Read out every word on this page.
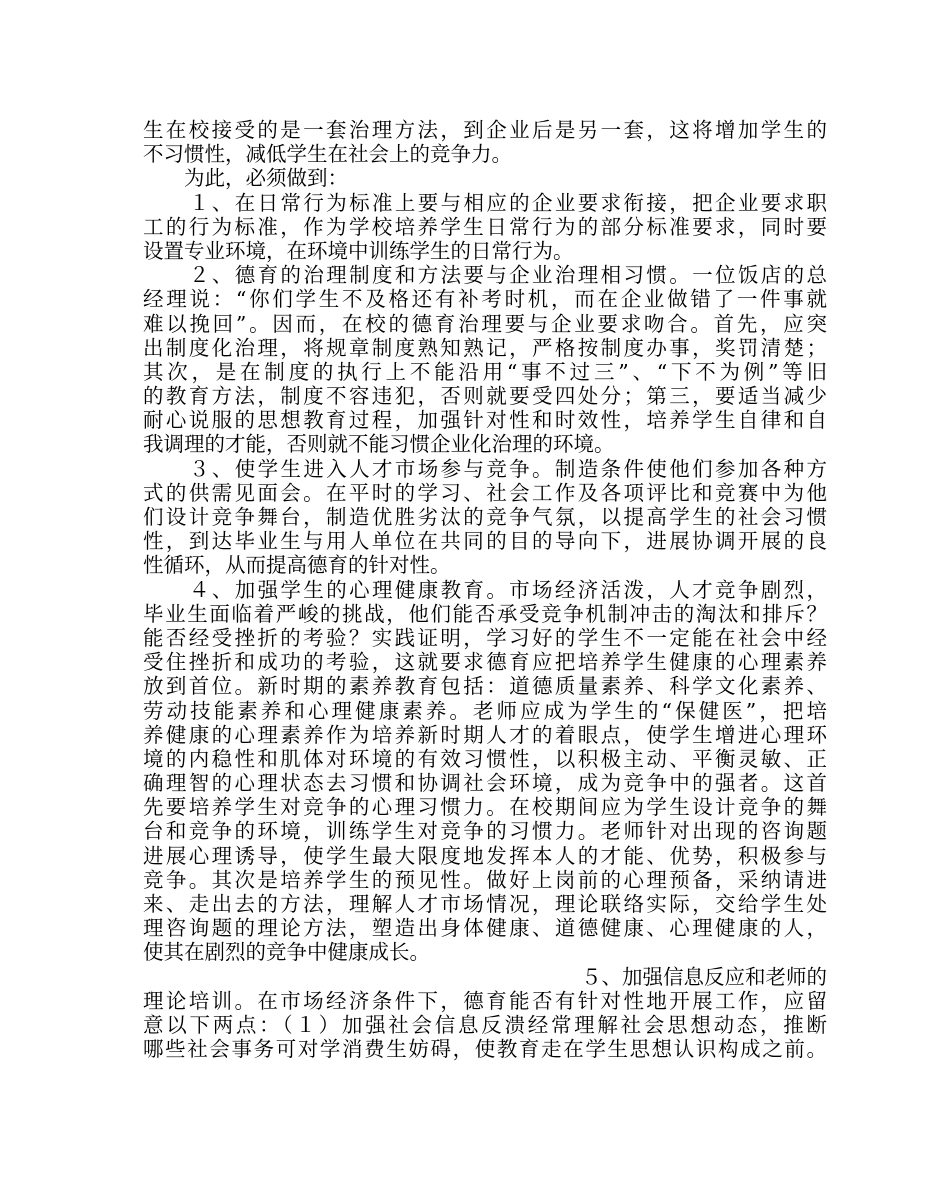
生在校接受的是一套治理方法，到企业后是另一套，这将增加学生的
不习惯性，减低学生在社会上的竞争力。
为此，必须做到：
１、在日常行为标准上要与相应的企业要求衔接，把企业要求职
工的行为标准，作为学校培养学生日常行为的部分标准要求，同时要
设置专业环境，在环境中训练学生的日常行为。
２、德育的治理制度和方法要与企业治理相习惯。一位饭店的总
经理说：“你们学生不及格还有补考时机，而在企业做错了一件事就
难以挽回”。因而，在校的德育治理要与企业要求吻合。首先，应突
出制度化治理，将规章制度熟知熟记，严格按制度办事，奖罚清楚；
其次，是在制度的执行上不能沿用“事不过三”、“下不为例”等旧
的教育方法，制度不容违犯，否则就要受四处分；第三，要适当减少
耐心说服的思想教育过程，加强针对性和时效性，培养学生自律和自
我调理的才能，否则就不能习惯企业化治理的环境。
３、使学生进入人才市场参与竞争。制造条件使他们参加各种方
式的供需见面会。在平时的学习、社会工作及各项评比和竞赛中为他
们设计竞争舞台，制造优胜劣汰的竞争气氛，以提高学生的社会习惯
性，到达毕业生与用人单位在共同的目的导向下，进展协调开展的良
性循环，从而提高德育的针对性。
４、加强学生的心理健康教育。市场经济活泼，人才竞争剧烈，
毕业生面临着严峻的挑战，他们能否承受竞争机制冲击的淘汰和排斥？
能否经受挫折的考验？实践证明，学习好的学生不一定能在社会中经
受住挫折和成功的考验，这就要求德育应把培养学生健康的心理素养
放到首位。新时期的素养教育包括：道德质量素养、科学文化素养、
劳动技能素养和心理健康素养。老师应成为学生的“保健医”，把培
养健康的心理素养作为培养新时期人才的着眼点，使学生增进心理环
境的内稳性和肌体对环境的有效习惯性，以积极主动、平衡灵敏、正
确理智的心理状态去习惯和协调社会环境，成为竞争中的强者。这首
先要培养学生对竞争的心理习惯力。在校期间应为学生设计竞争的舞
台和竞争的环境，训练学生对竞争的习惯力。老师针对出现的咨询题
进展心理诱导，使学生最大限度地发挥本人的才能、优势，积极参与
竞争。其次是培养学生的预见性。做好上岗前的心理预备，采纳请进
来、走出去的方法，理解人才市场情况，理论联络实际，交给学生处
理咨询题的理论方法，塑造出身体健康、道德健康、心理健康的人，
使其在剧烈的竞争中健康成长。
５、加强信息反应和老师的
理论培训。在市场经济条件下，德育能否有针对性地开展工作，应留
意以下两点：（１）加强社会信息反溃经常理解社会思想动态，推断
哪些社会事务可对学消费生妨碍，使教育走在学生思想认识构成之前。
